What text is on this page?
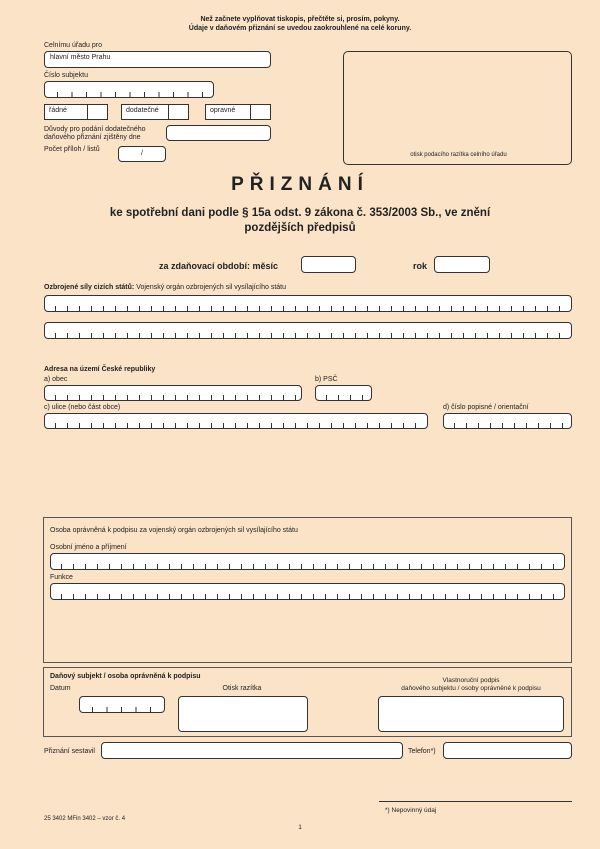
Než začnete vyplňovat tiskopis, přečtěte si, prosím, pokyny.
Údaje v daňovém přiznání se uvedou zaokrouhlené na celé koruny.
Celnímu úřadu pro
hlavní město Prahu
Číslo subjektu
řádné	dodatečné	opravné
Důvody pro podání dodatečného
daňového přiznání zjištěny dne
Počet příloh / listů
/	otisk podacího razítka celního úřadu
PŘIZNÁNÍ
ke spotřební dani podle § 15a odst. 9 zákona č. 353/2003 Sb., ve znění
pozdějších předpisů
za zdaňovací období: měsíc	rok
Ozbrojené síly cizích států: Vojenský orgán ozbrojených sil vysílajícího státu
Adresa na území České republiky
a) obec	b) PSČ
c) ulice (nebo část obce)	d) číslo popisné / orientační
Osoba oprávněná k podpisu za vojenský orgán ozbrojených sil vysílajícího státu
Osobní jméno a příjmení
Funkce
Daňový subjekt / osoba oprávněná k podpisu
Datum	Otisk razítka
Vlastnoruční podpis
daňového subjektu / osoby oprávněné k podpisu
Přiznání sestavil	Telefon*)
*) Nepovinný údaj
25 3402 MFin 3402 – vzor č. 4
1
